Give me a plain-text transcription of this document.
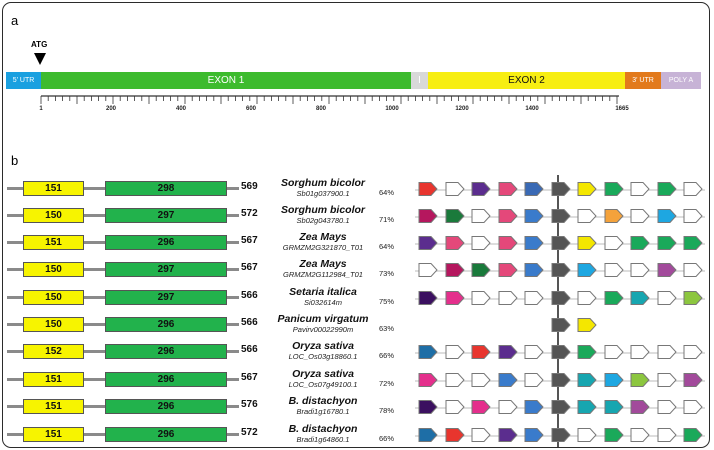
a
ATG
5' UTR	EXON 1	I	EXON 2	3' UTR	POLY A
1	200	400	600	800	1000	1200	1400	1665
b
151	298	569	Sorghum bicolor
Sb01g037900.1	64%
150	297	572	Sorghum bicolor
Sb02g043780.1	71%
151	296	567	Zea Mays
GRMZM2G321870_T01	64%
150	297	567	Zea Mays
GRMZM2G112984_T01	73%
150	297	566	Setaria italica
Si032614m	75%
150	296	566	Panicum virgatum
Pavirv00022990m	63%
152	296	566	Oryza sativa
LOC_Os03g18860.1	66%
151	296	567	Oryza sativa
LOC_Os07g49100.1	72%
151	296	576	B. distachyon
Bradi1g16780.1	78%
151	296	572	B. distachyon
Bradi1g64860.1	66%
